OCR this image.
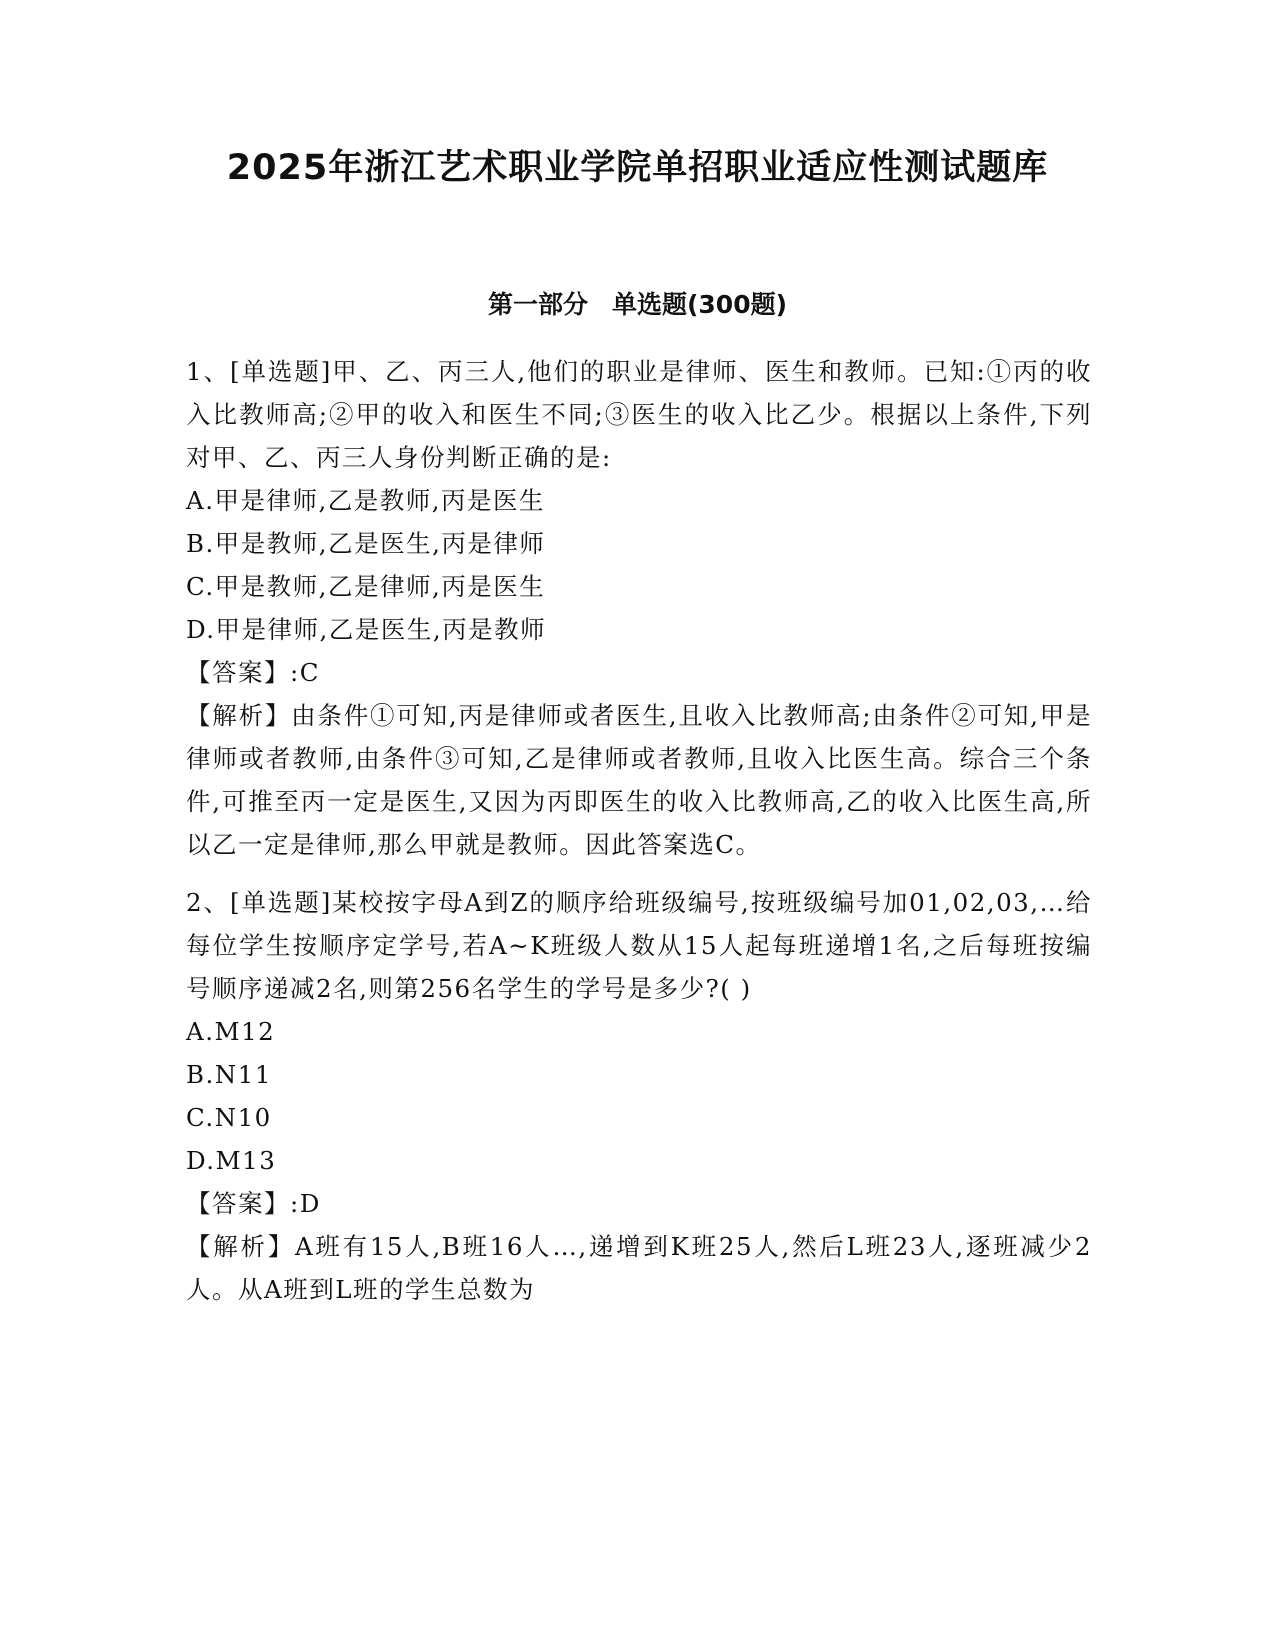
2025年浙江艺术职业学院单招职业适应性测试题库
第一部分 单选题(300题)

1、[单选题]甲、乙、丙三人,他们的职业是律师、医生和教师。已知:①丙的收入比教师高;②甲的收入和医生不同;③医生的收入比乙少。根据以上条件,下列对甲、乙、丙三人身份判断正确的是:

A.甲是律师,乙是教师,丙是医生

B.甲是教师,乙是医生,丙是律师

C.甲是教师,乙是律师,丙是医生

D.甲是律师,乙是医生,丙是教师

【答案】:C

【解析】由条件①可知,丙是律师或者医生,且收入比教师高;由条件②可知,甲是律师或者教师,由条件③可知,乙是律师或者教师,且收入比医生高。综合三个条件,可推至丙一定是医生,又因为丙即医生的收入比教师高,乙的收入比医生高,所以乙一定是律师,那么甲就是教师。因此答案选C。

2、[单选题]某校按字母A到Z的顺序给班级编号,按班级编号加01,02,03,…给每位学生按顺序定学号,若A~K班级人数从15人起每班递增1名,之后每班按编号顺序递减2名,则第256名学生的学号是多少?( )

A.M12

B.N11

C.N10

D.M13

【答案】:D

【解析】A班有15人,B班16人…,递增到K班25人,然后L班23人,逐班减少2人。从A班到L班的学生总数为
